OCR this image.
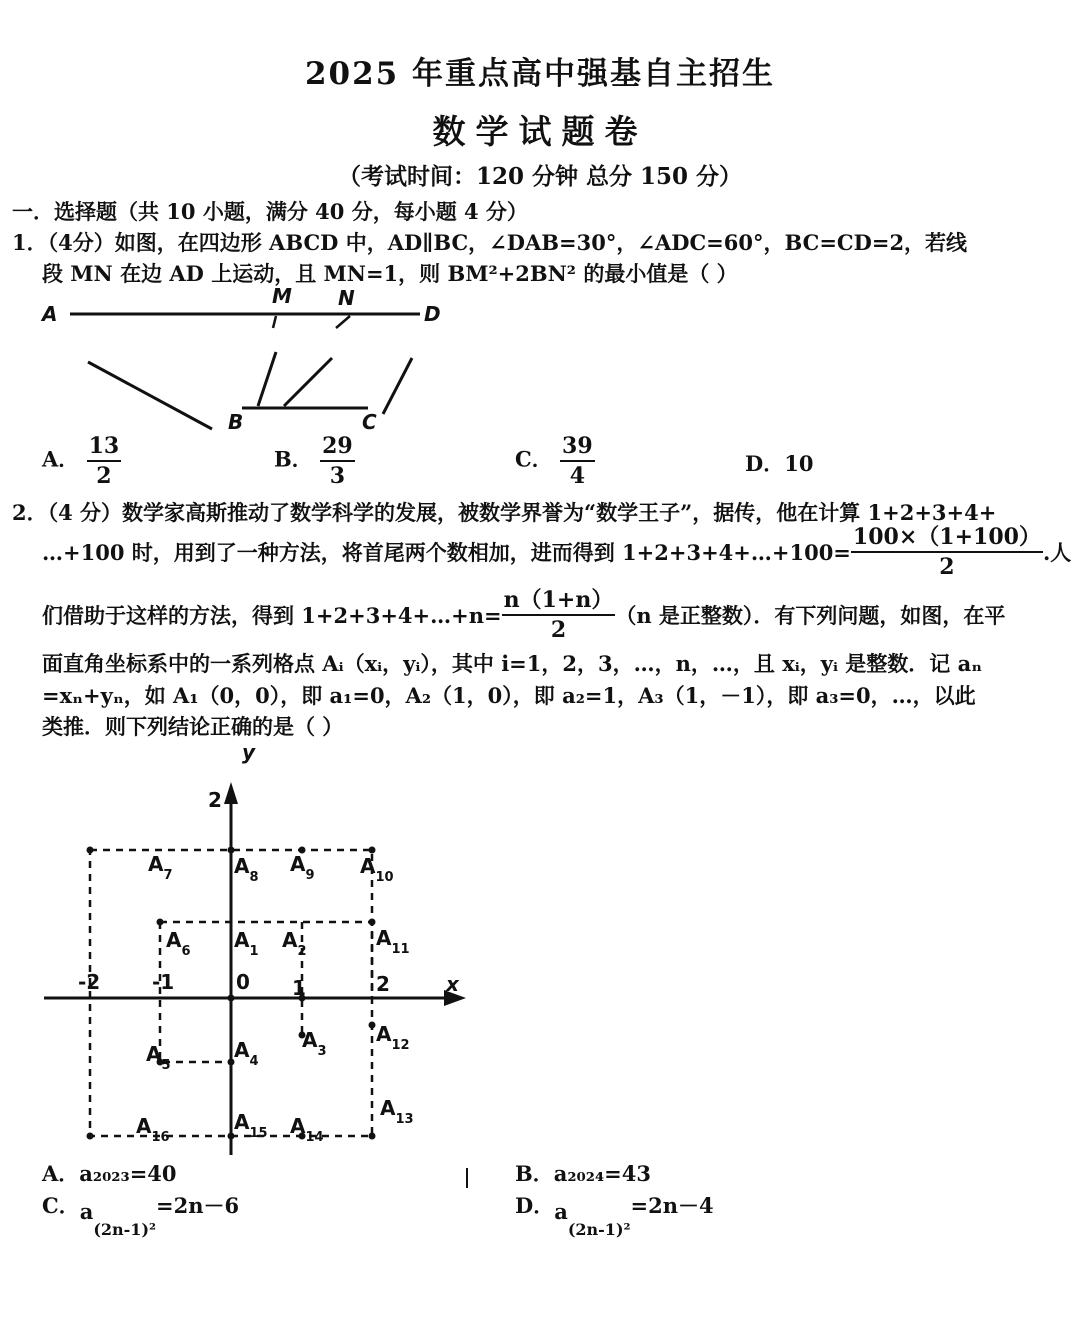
2025 年重点高中强基自主招生
数学试题卷
（考试时间：120 分钟 总分 150 分）
一．选择题（共 10 小题，满分 40 分，每小题 4 分）
1．（4分）如图，在四边形 ABCD 中，AD∥BC，∠DAB=30°，∠ADC=60°，BC=CD=2，若线
段 MN 在边 AD 上运动，且 MN=1，则 BM²+2BN² 的最小值是（ ）
A
M N
D
B	C
A． $\frac{13}{2}$	B． $\frac{29}{3}$	C． $\frac{39}{4}$	D．10
2．（4 分）数学家高斯推动了数学科学的发展，被数学界誉为“数学王子”，据传，他在计算 1+2+3+4+
…+100 时，用到了一种方法，将首尾两个数相加，进而得到 1+2+3+4+…+100= $\frac{100\times(1+100)}{2}$ .人
们借助于这样的方法，得到 1+2+3+4+…+n= $\frac{n(1+n)}{2} (n$ 是正整数）．有下列问题，如图，在平
面直角坐标系中的一系列格点 Aᵢ（xᵢ，yᵢ），其中 i=1，2，3，…，n，…，且 xᵢ，yᵢ 是整数．记 aₙ
=xₙ+yₙ，如 A₁（0，0），即 a₁=0，A₂（1，0），即 a₂=1，A₃（1，－1），即 a₃=0，…，以此
类推．则下列结论正确的是（ ）
y
x
2
-2	-1	0 1	2
$A_1$ $A_2$
$A_3$
$A_4$
$A_5$
$A_6$
$A_7$	$A_8$
$A_9$ $A_{10}$
$A_{11}$
$A_{12}$
$A_{13}$
$A_{14}$
$A_{15}$
$A_{16}$
A．a₂₀₂₃=40	B．a₂₀₂₄=43
C．$a_{(2n-1)^2}=2n-6$	D．$a_{(2n-1)^2}=2n-4$
